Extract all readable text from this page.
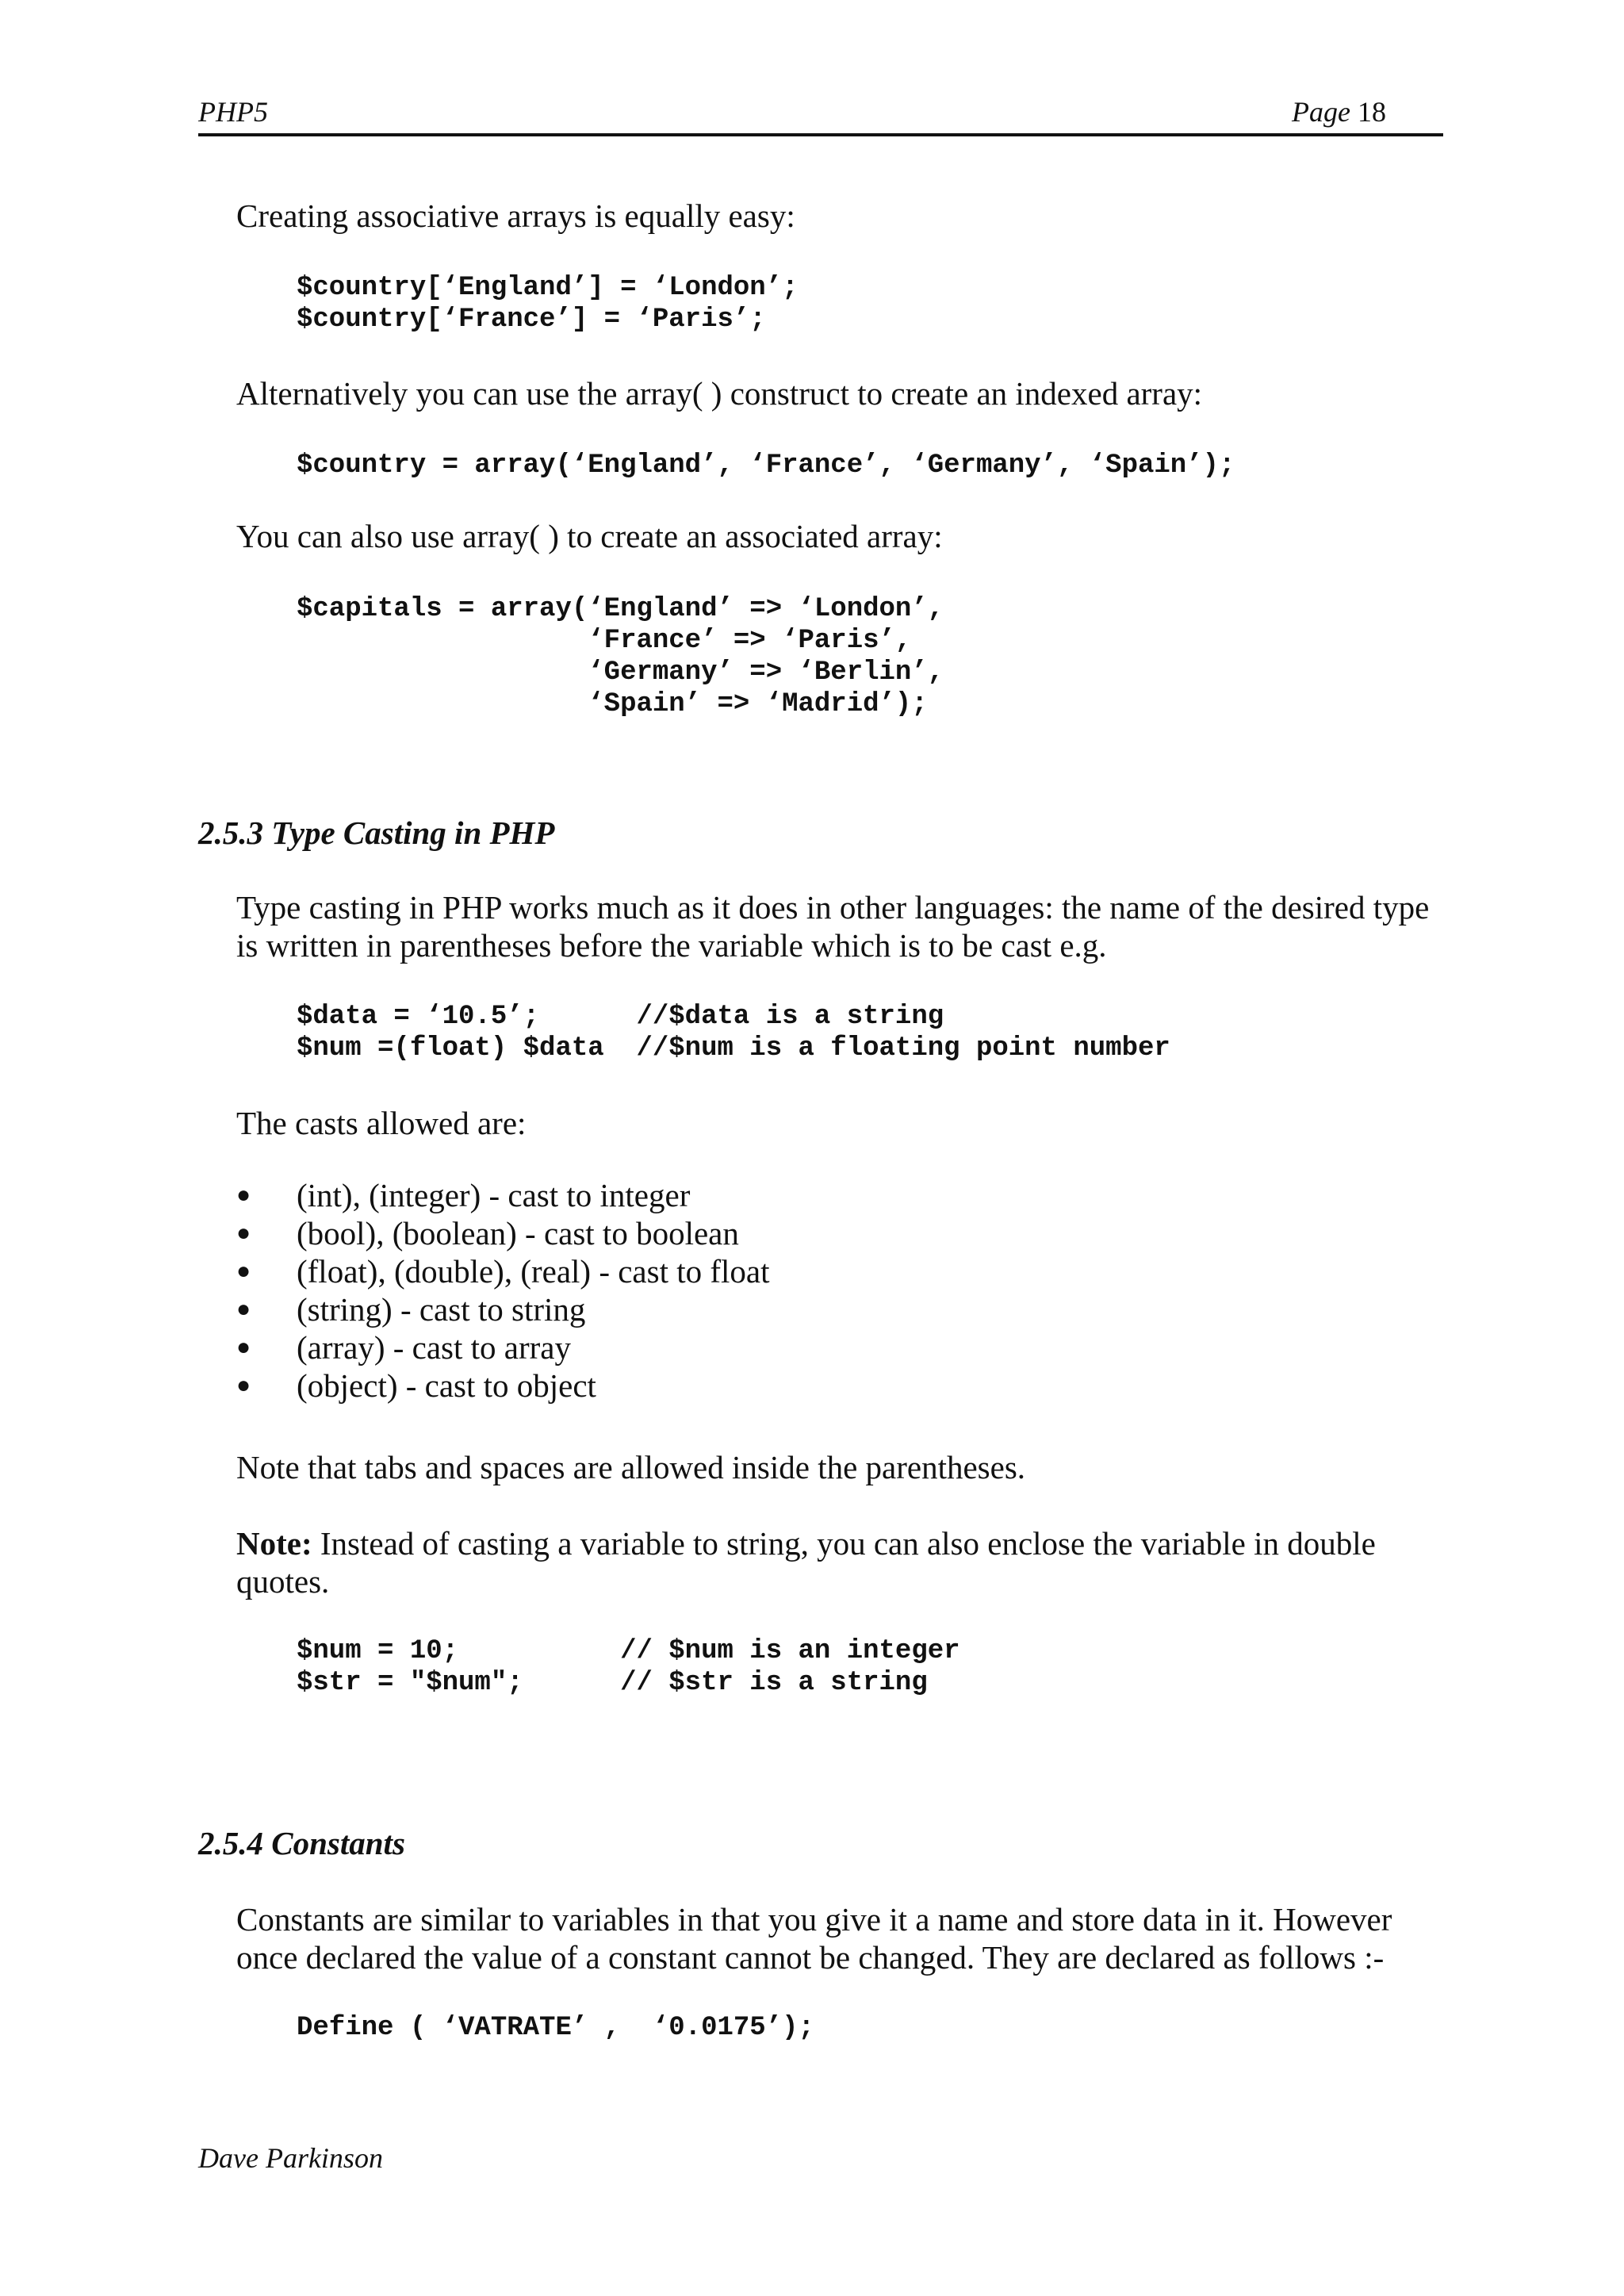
PHP5	Page 18

Creating associative arrays is equally easy:

$country[‘England’] = ‘London’;
$country[‘France’] = ‘Paris’;

Alternatively you can use the array( ) construct to create an indexed array:

$country = array(‘England’, ‘France’, ‘Germany’, ‘Spain’);

You can also use array( ) to create an associated array:

$capitals = array(‘England’ => ‘London’,
‘France’ => ‘Paris’,
‘Germany’ => ‘Berlin’,
‘Spain’ => ‘Madrid’);
2.5.3 Type Casting in PHP

Type casting in PHP works much as it does in other languages: the name of the desired type is written in parentheses before the variable which is to be cast e.g.

$data = ‘10.5’;      //$data is a string
$num =(float) $data  //$num is a floating point number

The casts allowed are:

● (int), (integer) - cast to integer
● (bool), (boolean) - cast to boolean
● (float), (double), (real) - cast to float
● (string) - cast to string
● (array) - cast to array
● (object) - cast to object

Note that tabs and spaces are allowed inside the parentheses.

Note: Instead of casting a variable to string, you can also enclose the variable in double quotes.

$num = 10;          // $num is an integer
$str = "$num";      // $str is a string
2.5.4 Constants

Constants are similar to variables in that you give it a name and store data in it. However once declared the value of a constant cannot be changed. They are declared as follows :-

Define ( ‘VATRATE’ ,  ‘0.0175’);
Dave Parkinson
